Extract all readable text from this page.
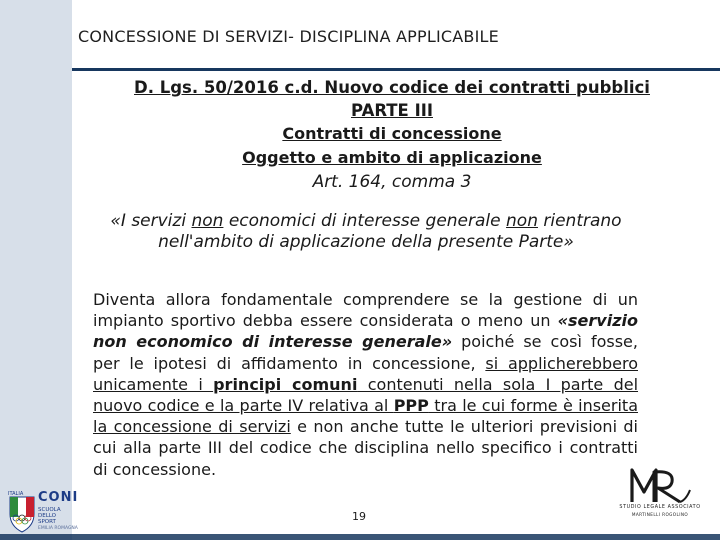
CONCESSIONE DI SERVIZI- DISCIPLINA APPLICABILE
D. Lgs. 50/2016 c.d. Nuovo codice dei contratti pubblici
PARTE III
Contratti di concessione
Oggetto e ambito di applicazione
Art. 164, comma 3
«I servizi non economici di interesse generale non rientrano nell'ambito di applicazione della presente Parte»
Diventa allora fondamentale comprendere se la gestione di un impianto sportivo debba essere considerata o meno un «servizio non economico di interesse generale» poiché se così fosse, per le ipotesi di affidamento in concessione, si applicherebbero unicamente i principi comuni contenuti nella sola I parte del nuovo codice e la parte IV relativa al PPP tra le cui forme è inserita la concessione di servizi e non anche tutte le ulteriori previsioni di cui alla parte III del codice che disciplina nello specifico i contratti di concessione.
19
ITALIA CONI
SCUOLA DELLO SPORT
EMILIA ROMAGNA
STUDIO LEGALE ASSOCIATO
MARTINELLI ROGOLINO
